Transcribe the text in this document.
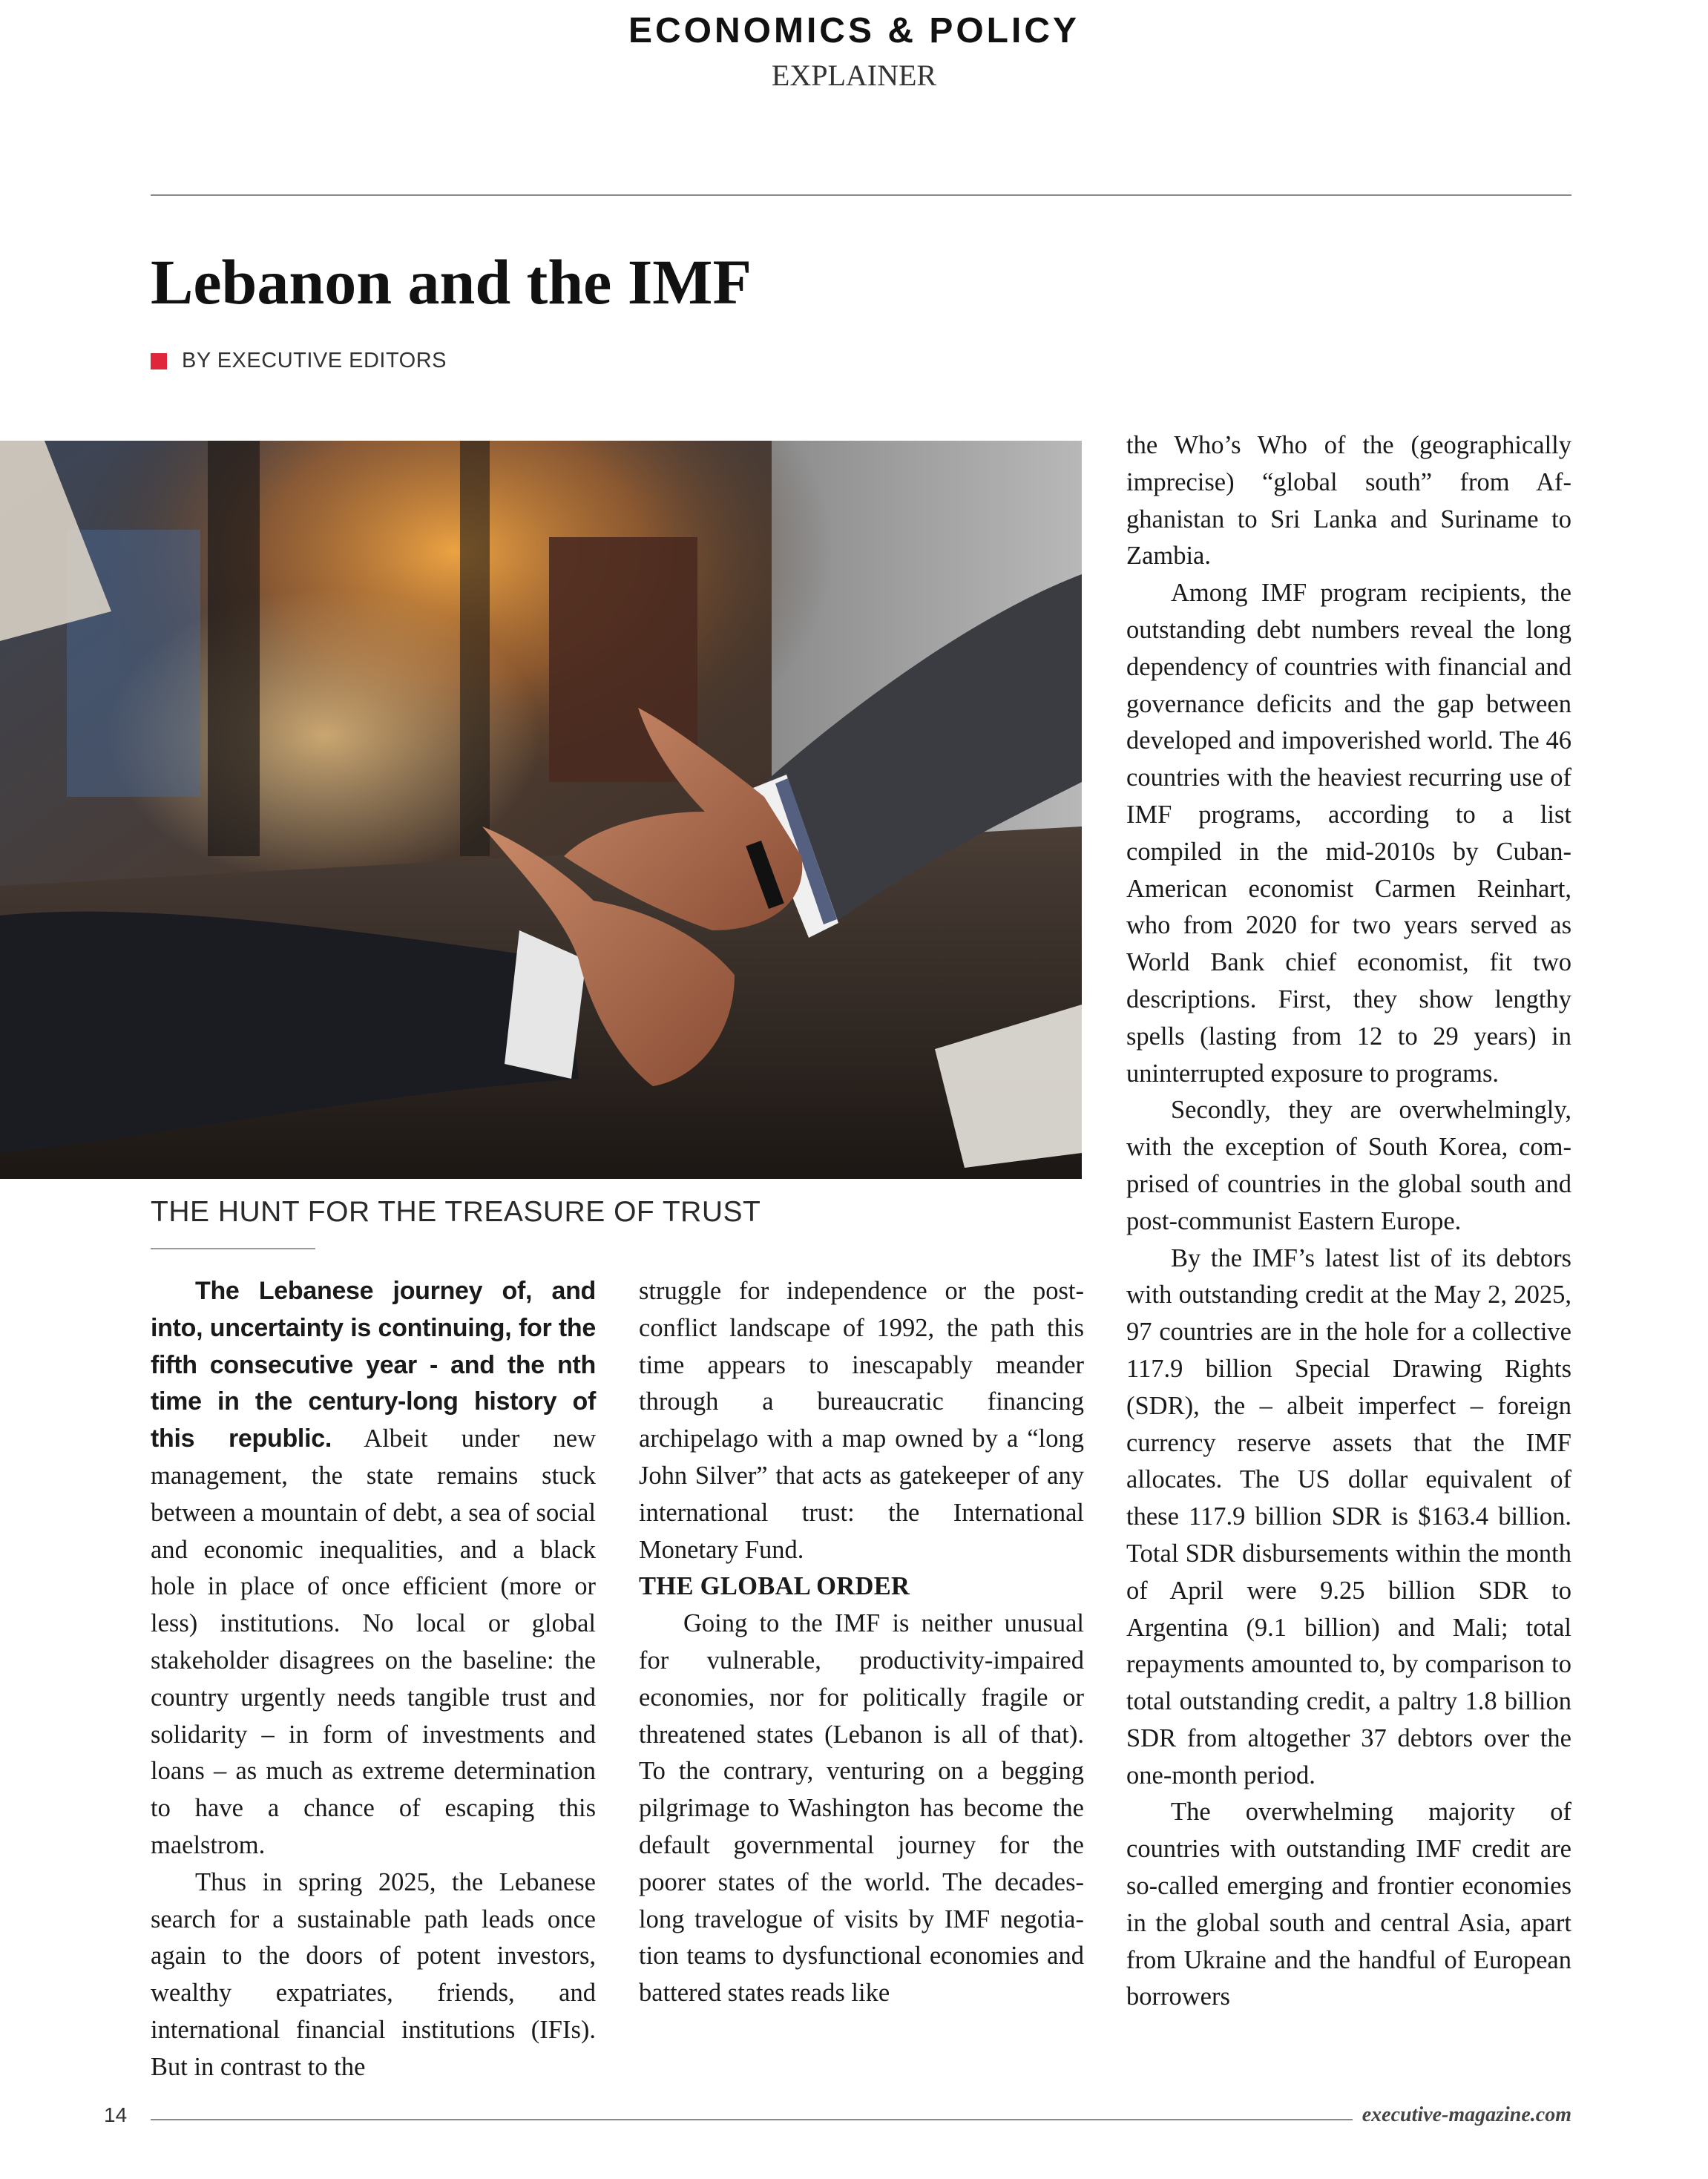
ECONOMICS & POLICY
EXPLAINER
Lebanon and the IMF
BY EXECUTIVE EDITORS
THE HUNT FOR THE TREASURE OF TRUST

The Lebanese journey of, and into, uncertainty is continuing, for the fifth consecutive year - and the nth time in the century-long history of this republic. Albeit under new management, the state remains stuck between a mountain of debt, a sea of social and economic inequalities, and a black hole in place of once efficient (more or less) institutions. No local or global stakeholder disagrees on the baseline: the country urgently needs tangible trust and solidarity – in form of investments and loans – as much as extreme determination to have a chance of escaping this maelstrom.

Thus in spring 2025, the Lebanese search for a sustainable path leads once again to the doors of potent investors, wealthy expatriates, friends, and international financial institutions (IFIs). But in contrast to the

struggle for independence or the post-conflict landscape of 1992, the path this time appears to inescapably meander through a bureaucratic financing archipelago with a map owned by a “long John Silver” that acts as gatekeeper of any international trust: the International Monetary Fund.

THE GLOBAL ORDER

Going to the IMF is neither unusual for vulnerable, productivity-impaired economies, nor for politically fragile or threatened states (Lebanon is all of that). To the contrary, venturing on a begging pilgrimage to Washington has become the default governmental journey for the poorer states of the world. The decades-long travelogue of visits by IMF negotiation teams to dysfunctional economies and battered states reads like

the Who’s Who of the (geographically imprecise) “global south” from Afghanistan to Sri Lanka and Suriname to Zambia.

Among IMF program recipients, the outstanding debt numbers reveal the long dependency of countries with financial and governance deficits and the gap between developed and impoverished world. The 46 countries with the heaviest recurring use of IMF programs, according to a list compiled in the mid-2010s by Cuban-American economist Carmen Reinhart, who from 2020 for two years served as World Bank chief economist, fit two descriptions. First, they show lengthy spells (lasting from 12 to 29 years) in uninterrupted exposure to programs.

Secondly, they are overwhelmingly, with the exception of South Korea, comprised of countries in the global south and post-communist Eastern Europe.

By the IMF’s latest list of its debtors with outstanding credit at the May 2, 2025, 97 countries are in the hole for a collective 117.9 billion Special Drawing Rights (SDR), the – albeit imperfect – foreign currency reserve assets that the IMF allocates. The US dollar equivalent of these 117.9 billion SDR is $163.4 billion. Total SDR disbursements within the month of April were 9.25 billion SDR to Argentina (9.1 billion) and Mali; total repayments amounted to, by comparison to total outstanding credit, a paltry 1.8 billion SDR from altogether 37 debtors over the one-month period.

The overwhelming majority of countries with outstanding IMF credit are so-called emerging and frontier economies in the global south and central Asia, apart from Ukraine and the handful of European borrowers

14	executive-magazine.com
